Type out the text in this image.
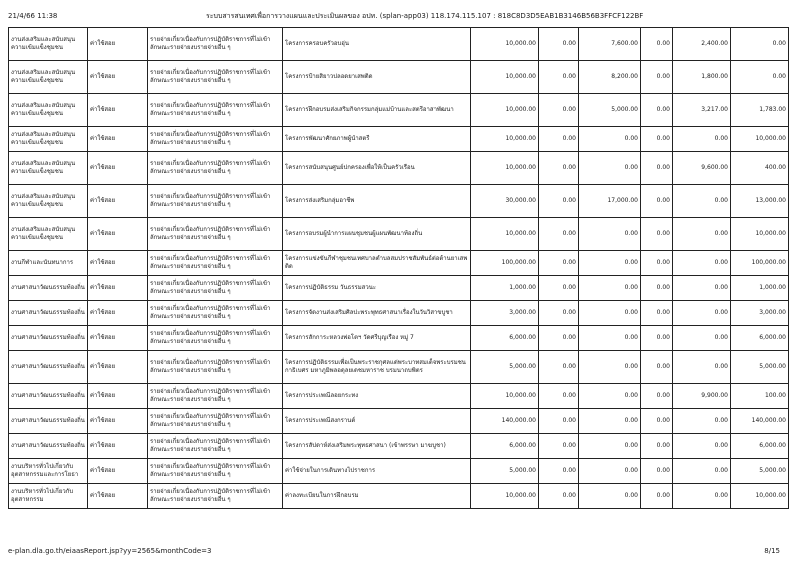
21/4/66 11:38	ระบบสารสนเทศเพื่อการวางแผนและประเมินผลของ อปท. (splan-app03) 118.174.115.107 : 818C8D3D5EAB1B3146B56B3FFCF122BF
งานส่งเสริมและสนับสนุนความเข้มแข็งชุมชน	ค่าใช้สอย	รายจ่ายเกี่ยวเนื่องกับการปฏิบัติราชการที่ไม่เข้าลักษณะรายจ่ายงบรายจ่ายอื่น ๆ	โครงการครอบครัวอบอุ่น	10,000.00	0.00	7,600.00	0.00	2,400.00	0.00
งานส่งเสริมและสนับสนุนความเข้มแข็งชุมชน	ค่าใช้สอย	รายจ่ายเกี่ยวเนื่องกับการปฏิบัติราชการที่ไม่เข้าลักษณะรายจ่ายงบรายจ่ายอื่น ๆ	โครงการป้ายสิยาวปลอดยาเสพติด	10,000.00	0.00	8,200.00	0.00	1,800.00	0.00
งานส่งเสริมและสนับสนุนความเข้มแข็งชุมชน	ค่าใช้สอย	รายจ่ายเกี่ยวเนื่องกับการปฏิบัติราชการที่ไม่เข้าลักษณะรายจ่ายงบรายจ่ายอื่น ๆ	โครงการฝึกอบรมส่งเสริมกิจกรรมกลุ่มแม่บ้านและสตรีอาสาพัฒนา	10,000.00	0.00	5,000.00	0.00	3,217.00	1,783.00
งานส่งเสริมและสนับสนุนความเข้มแข็งชุมชน	ค่าใช้สอย	รายจ่ายเกี่ยวเนื่องกับการปฏิบัติราชการที่ไม่เข้าลักษณะรายจ่ายงบรายจ่ายอื่น ๆ	โครงการพัฒนาศักยภาพผู้นำสตรี	10,000.00	0.00	0.00	0.00	0.00	10,000.00
งานส่งเสริมและสนับสนุนความเข้มแข็งชุมชน	ค่าใช้สอย	รายจ่ายเกี่ยวเนื่องกับการปฏิบัติราชการที่ไม่เข้าลักษณะรายจ่ายงบรายจ่ายอื่น ๆ	โครงการสนับสนุนศูนย์ปกครองเพื่อให้เป็นครัวเรือน	10,000.00	0.00	0.00	0.00	9,600.00	400.00
งานส่งเสริมและสนับสนุนความเข้มแข็งชุมชน	ค่าใช้สอย	รายจ่ายเกี่ยวเนื่องกับการปฏิบัติราชการที่ไม่เข้าลักษณะรายจ่ายงบรายจ่ายอื่น ๆ	โครงการส่งเสริมกลุ่มอาชีพ	30,000.00	0.00	17,000.00	0.00	0.00	13,000.00
งานส่งเสริมและสนับสนุนความเข้มแข็งชุมชน	ค่าใช้สอย	รายจ่ายเกี่ยวเนื่องกับการปฏิบัติราชการที่ไม่เข้าลักษณะรายจ่ายงบรายจ่ายอื่น ๆ	โครงการอบรมผู้นำการแผนชุมชนผู้แผนพัฒนาท้องถิ่น	10,000.00	0.00	0.00	0.00	0.00	10,000.00
งานกีฬาและนันทนาการ	ค่าใช้สอย	รายจ่ายเกี่ยวเนื่องกับการปฏิบัติราชการที่ไม่เข้าลักษณะรายจ่ายงบรายจ่ายอื่น ๆ	โครงการแข่งขันกีฬาชุมชนเทศบาลตำบลสมปราชสัมพันธ์ต่อต้านยาเสพติด	100,000.00	0.00	0.00	0.00	0.00	100,000.00
งานศาสนาวัฒนธรรมท้องถิ่น	ค่าใช้สอย	รายจ่ายเกี่ยวเนื่องกับการปฏิบัติราชการที่ไม่เข้าลักษณะรายจ่ายงบรายจ่ายอื่น ๆ	โครงการปฏิบัติธรรม วันธรรมสวนะ	1,000.00	0.00	0.00	0.00	0.00	1,000.00
งานศาสนาวัฒนธรรมท้องถิ่น	ค่าใช้สอย	รายจ่ายเกี่ยวเนื่องกับการปฏิบัติราชการที่ไม่เข้าลักษณะรายจ่ายงบรายจ่ายอื่น ๆ	โครงการจัดงานส่งเสริมศิลปะพระพุทธศาสนาเรื่องในวันวิสาขบูชา	3,000.00	0.00	0.00	0.00	0.00	3,000.00
งานศาสนาวัฒนธรรมท้องถิ่น	ค่าใช้สอย	รายจ่ายเกี่ยวเนื่องกับการปฏิบัติราชการที่ไม่เข้าลักษณะรายจ่ายงบรายจ่ายอื่น ๆ	โครงการสักการะหลวงพ่อโตฯ วัดศรีบุญเรือง หมู่ 7	6,000.00	0.00	0.00	0.00	0.00	6,000.00
งานศาสนาวัฒนธรรมท้องถิ่น	ค่าใช้สอย	รายจ่ายเกี่ยวเนื่องกับการปฏิบัติราชการที่ไม่เข้าลักษณะรายจ่ายงบรายจ่ายอื่น ๆ	โครงการปฏิบัติธรรมเพื่อเป็นพระราชกุศลแด่พระบาทสมเด็จพระบรมชนกาธิเบศร มหาภูมิพลอดุลยเดชมหาราช บรมนาถบพิตร	5,000.00	0.00	0.00	0.00	0.00	5,000.00
งานศาสนาวัฒนธรรมท้องถิ่น	ค่าใช้สอย	รายจ่ายเกี่ยวเนื่องกับการปฏิบัติราชการที่ไม่เข้าลักษณะรายจ่ายงบรายจ่ายอื่น ๆ	โครงการประเพณีลอยกระทง	10,000.00	0.00	0.00	0.00	9,900.00	100.00
งานศาสนาวัฒนธรรมท้องถิ่น	ค่าใช้สอย	รายจ่ายเกี่ยวเนื่องกับการปฏิบัติราชการที่ไม่เข้าลักษณะรายจ่ายงบรายจ่ายอื่น ๆ	โครงการประเพณีสงกรานต์	140,000.00	0.00	0.00	0.00	0.00	140,000.00
งานศาสนาวัฒนธรรมท้องถิ่น	ค่าใช้สอย	รายจ่ายเกี่ยวเนื่องกับการปฏิบัติราชการที่ไม่เข้าลักษณะรายจ่ายงบรายจ่ายอื่น ๆ	โครงการสัปดาห์ส่งเสริมพระพุทธศาสนา (เข้าพรรษา มาฆบูชา)	6,000.00	0.00	0.00	0.00	0.00	6,000.00
งานบริหารทั่วไปเกี่ยวกับอุตสาหกรรมและการโยธา	ค่าใช้สอย	รายจ่ายเกี่ยวเนื่องกับการปฏิบัติราชการที่ไม่เข้าลักษณะรายจ่ายงบรายจ่ายอื่น ๆ	ค่าใช้จ่ายในการเดินทางไปราชการ	5,000.00	0.00	0.00	0.00	0.00	5,000.00
งานบริหารทั่วไปเกี่ยวกับอุตสาหกรรม	ค่าใช้สอย	รายจ่ายเกี่ยวเนื่องกับการปฏิบัติราชการที่ไม่เข้าลักษณะรายจ่ายงบรายจ่ายอื่น ๆ	ค่าลงทะเบียนในการฝึกอบรม	10,000.00	0.00	0.00	0.00	0.00	10,000.00
e-plan.dla.go.th/eiaasReport.jsp?yy=2565&monthCode=3	8/15
